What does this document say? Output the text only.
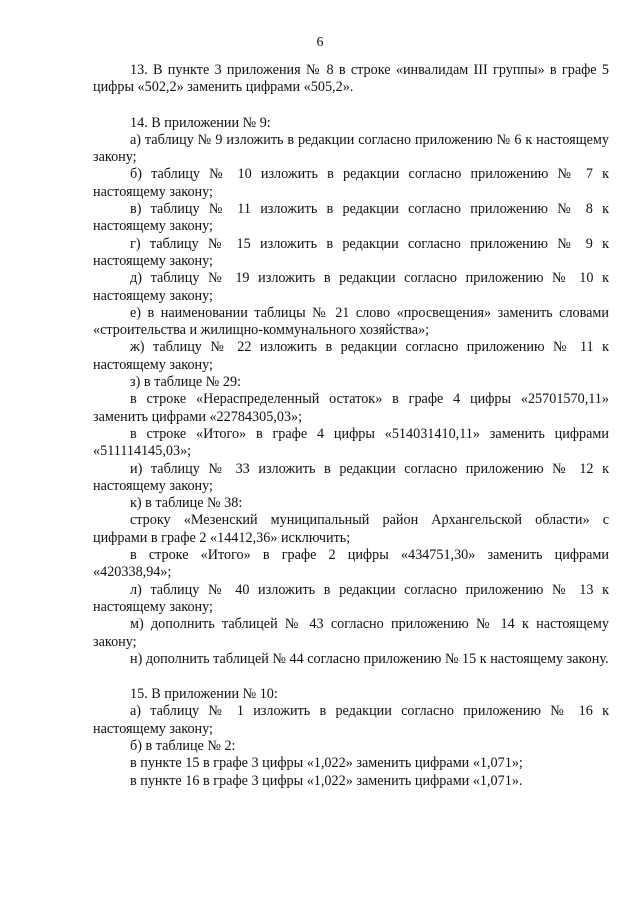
6

13. В пункте 3 приложения № 8 в строке «инвалидам III группы» в графе 5 цифры «502,2» заменить цифрами «505,2».

14. В приложении № 9:

а) таблицу № 9 изложить в редакции согласно приложению № 6 к настоящему закону;

б) таблицу № 10 изложить в редакции согласно приложению № 7 к настоящему закону;

в) таблицу № 11 изложить в редакции согласно приложению № 8 к настоящему закону;

г) таблицу № 15 изложить в редакции согласно приложению № 9 к настоящему закону;

д) таблицу № 19 изложить в редакции согласно приложению № 10 к настоящему закону;

е) в наименовании таблицы № 21 слово «просвещения» заменить словами «строительства и жилищно-коммунального хозяйства»;

ж) таблицу № 22 изложить в редакции согласно приложению № 11 к настоящему закону;

з) в таблице № 29:

в строке «Нераспределенный остаток» в графе 4 цифры «25701570,11» заменить цифрами «22784305,03»;

в строке «Итого» в графе 4 цифры «514031410,11» заменить цифрами «511114145,03»;

и) таблицу № 33 изложить в редакции согласно приложению № 12 к настоящему закону;

к) в таблице № 38:

строку «Мезенский муниципальный район Архангельской области» с цифрами в графе 2 «14412,36» исключить;

в строке «Итого» в графе 2 цифры «434751,30» заменить цифрами «420338,94»;

л) таблицу № 40 изложить в редакции согласно приложению № 13 к настоящему закону;

м) дополнить таблицей № 43 согласно приложению № 14 к настоящему закону;

н) дополнить таблицей № 44 согласно приложению № 15 к настоящему закону.

15. В приложении № 10:

а) таблицу № 1 изложить в редакции согласно приложению № 16 к настоящему закону;

б) в таблице № 2:

в пункте 15 в графе 3 цифры «1,022» заменить цифрами «1,071»;

в пункте 16 в графе 3 цифры «1,022» заменить цифрами «1,071».
